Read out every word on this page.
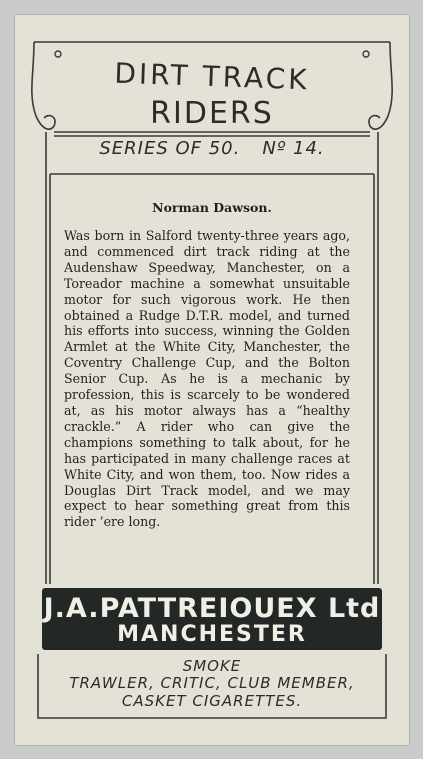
DIRT TRACK
RIDERS
SERIES OF 50. Nº 14.
Norman Dawson.
Was born in Salford twenty-three years ago, and commenced dirt track riding at the Audenshaw Speedway, Manchester, on a Toreador machine a somewhat unsuitable motor for such vigorous work. He then obtained a Rudge D.T.R. model, and turned his efforts into success, winning the Golden Armlet at the White City, Manchester, the Coventry Challenge Cup, and the Bolton Senior Cup. As he is a mechanic by profession, this is scarcely to be wondered at, as his motor always has a “healthy crackle.” A rider who can give the champions something to talk about, for he has participated in many challenge races at White City, and won them, too. Now rides a Douglas Dirt Track model, and we may expect to hear something great from this rider ’ere long.
J.A.PATTREIOUEX Ltd
MANCHESTER
SMOKE
TRAWLER, CRITIC, CLUB MEMBER,
CASKET CIGARETTES.
